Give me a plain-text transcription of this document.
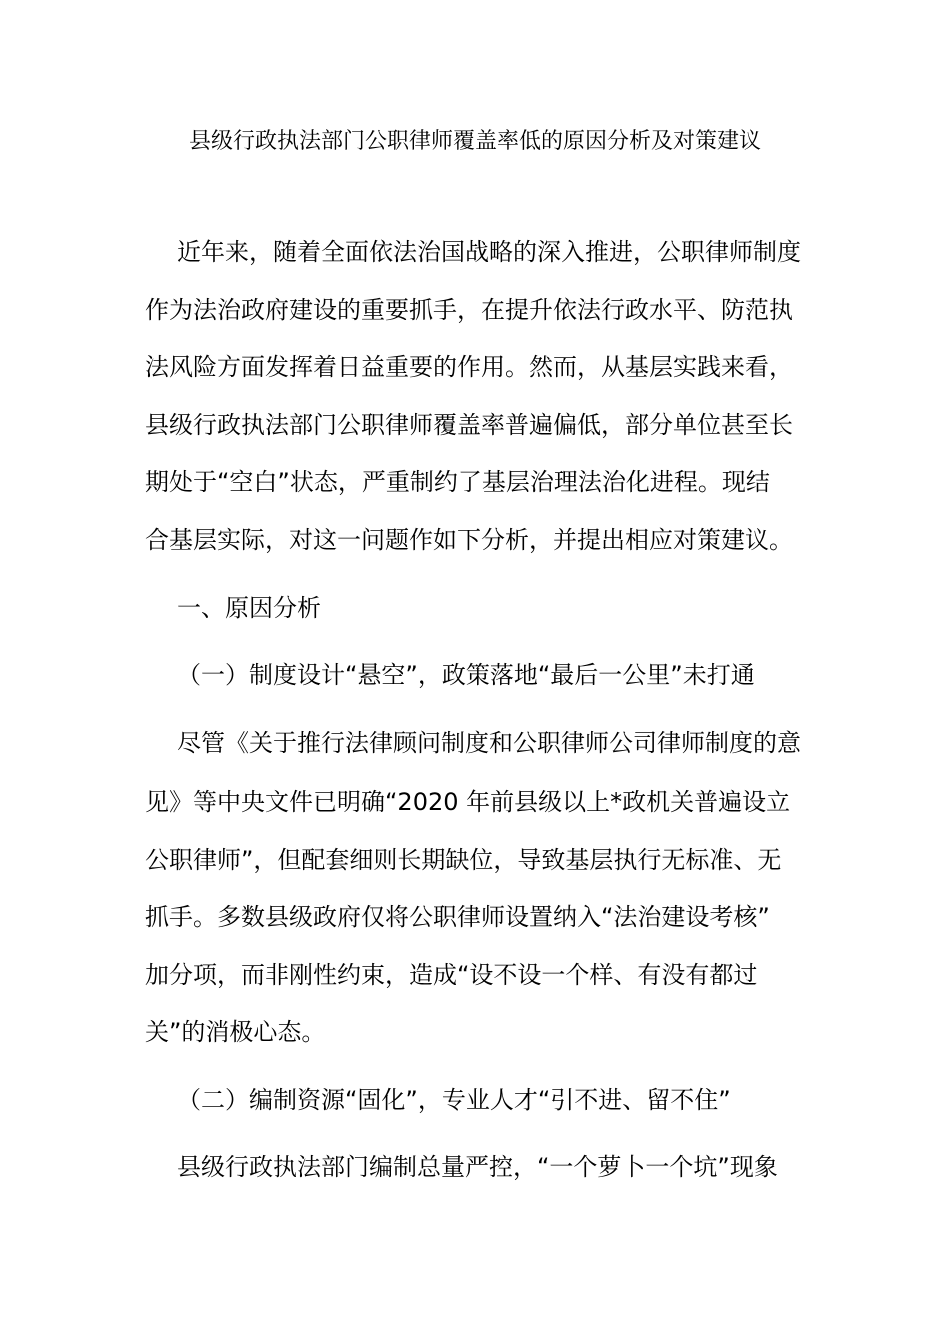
县级行政执法部门公职律师覆盖率低的原因分析及对策建议
近年来，随着全面依法治国战略的深入推进，公职律师制度
作为法治政府建设的重要抓手，在提升依法行政水平、防范执
法风险方面发挥着日益重要的作用。然而，从基层实践来看，
县级行政执法部门公职律师覆盖率普遍偏低，部分单位甚至长
期处于“空白”状态，严重制约了基层治理法治化进程。现结
合基层实际，对这一问题作如下分析，并提出相应对策建议。
一、原因分析
（一）制度设计“悬空”，政策落地“最后一公里”未打通
尽管《关于推行法律顾问制度和公职律师公司律师制度的意
见》等中央文件已明确“2020 年前县级以上*政机关普遍设立
公职律师”，但配套细则长期缺位，导致基层执行无标准、无
抓手。多数县级政府仅将公职律师设置纳入“法治建设考核”
加分项，而非刚性约束，造成“设不设一个样、有没有都过
关”的消极心态。
（二）编制资源“固化”，专业人才“引不进、留不住”
县级行政执法部门编制总量严控，“一个萝卜一个坑”现象
